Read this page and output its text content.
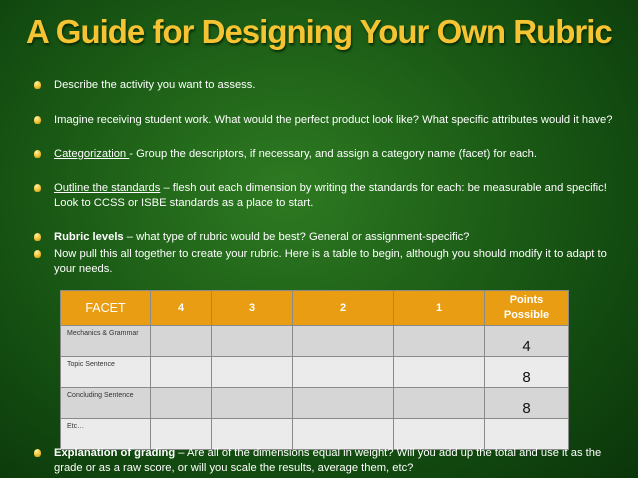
A Guide for Designing Your Own Rubric
Describe the activity you want to assess.
Imagine receiving student work. What would the perfect product look like? What specific attributes would it have?
Categorization - Group the descriptors, if necessary, and assign a category name (facet) for each.
Outline the standards – flesh out each dimension by writing the standards for each: be measurable and specific! Look to CCSS or ISBE standards as a place to start.
Rubric levels – what type of rubric would be best? General or assignment-specific?
Now pull this all together to create your rubric. Here is a table to begin, although you should modify it to adapt to your needs.
FACET	4	3	2	1	Points
Possible

Mechanics & Grammar					4
Topic Sentence					8
Concluding Sentence					8
Etc…					
Explanation of grading – Are all of the dimensions equal in weight? Will you add up the total and use it as the grade or as a raw score, or will you scale the results, average them, etc?
